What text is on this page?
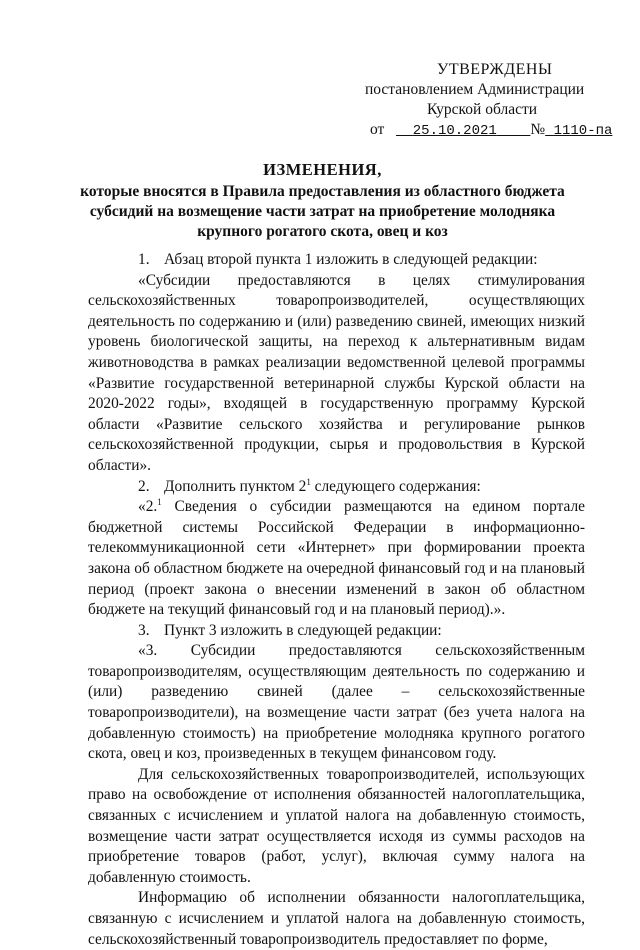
УТВЕРЖДЕНЫ
постановлением Администрации
Курской области
от 25.10.2021 № 1110-па
ИЗМЕНЕНИЯ,
которые вносятся в Правила предоставления из областного бюджета
субсидий на возмещение части затрат на приобретение молодняка
крупного рогатого скота, овец и коз

1. Абзац второй пункта 1 изложить в следующей редакции:

«Субсидии предоставляются в целях стимулирования сельскохозяйственных товаропроизводителей, осуществляющих деятельность по содержанию и (или) разведению свиней, имеющих низкий уровень биологической защиты, на переход к альтернативным видам животноводства в рамках реализации ведомственной целевой программы «Развитие государственной ветеринарной службы Курской области на 2020-2022 годы», входящей в государственную программу Курской области «Развитие сельского хозяйства и регулирование рынков сельскохозяйственной продукции, сырья и продовольствия в Курской области».

2. Дополнить пунктом $2^1$ следующего содержания:

«2.$^1$ Сведения о субсидии размещаются на едином портале бюджетной системы Российской Федерации в информационно-телекоммуникационной сети «Интернет» при формировании проекта закона об областном бюджете на очередной финансовый год и на плановый период (проект закона о внесении изменений в закон об областном бюджете на текущий финансовый год и на плановый период).».

3. Пункт 3 изложить в следующей редакции:

«3. Субсидии предоставляются сельскохозяйственным товаропроизводителям, осуществляющим деятельность по содержанию и (или) разведению свиней (далее – сельскохозяйственные товаропроизводители), на возмещение части затрат (без учета налога на добавленную стоимость) на приобретение молодняка крупного рогатого скота, овец и коз, произведенных в текущем финансовом году.

Для сельскохозяйственных товаропроизводителей, использующих право на освобождение от исполнения обязанностей налогоплательщика, связанных с исчислением и уплатой налога на добавленную стоимость, возмещение части затрат осуществляется исходя из суммы расходов на приобретение товаров (работ, услуг), включая сумму налога на добавленную стоимость.

Информацию об исполнении обязанности налогоплательщика, связанную с исчислением и уплатой налога на добавленную стоимость, сельскохозяйственный товаропроизводитель предоставляет по форме,
